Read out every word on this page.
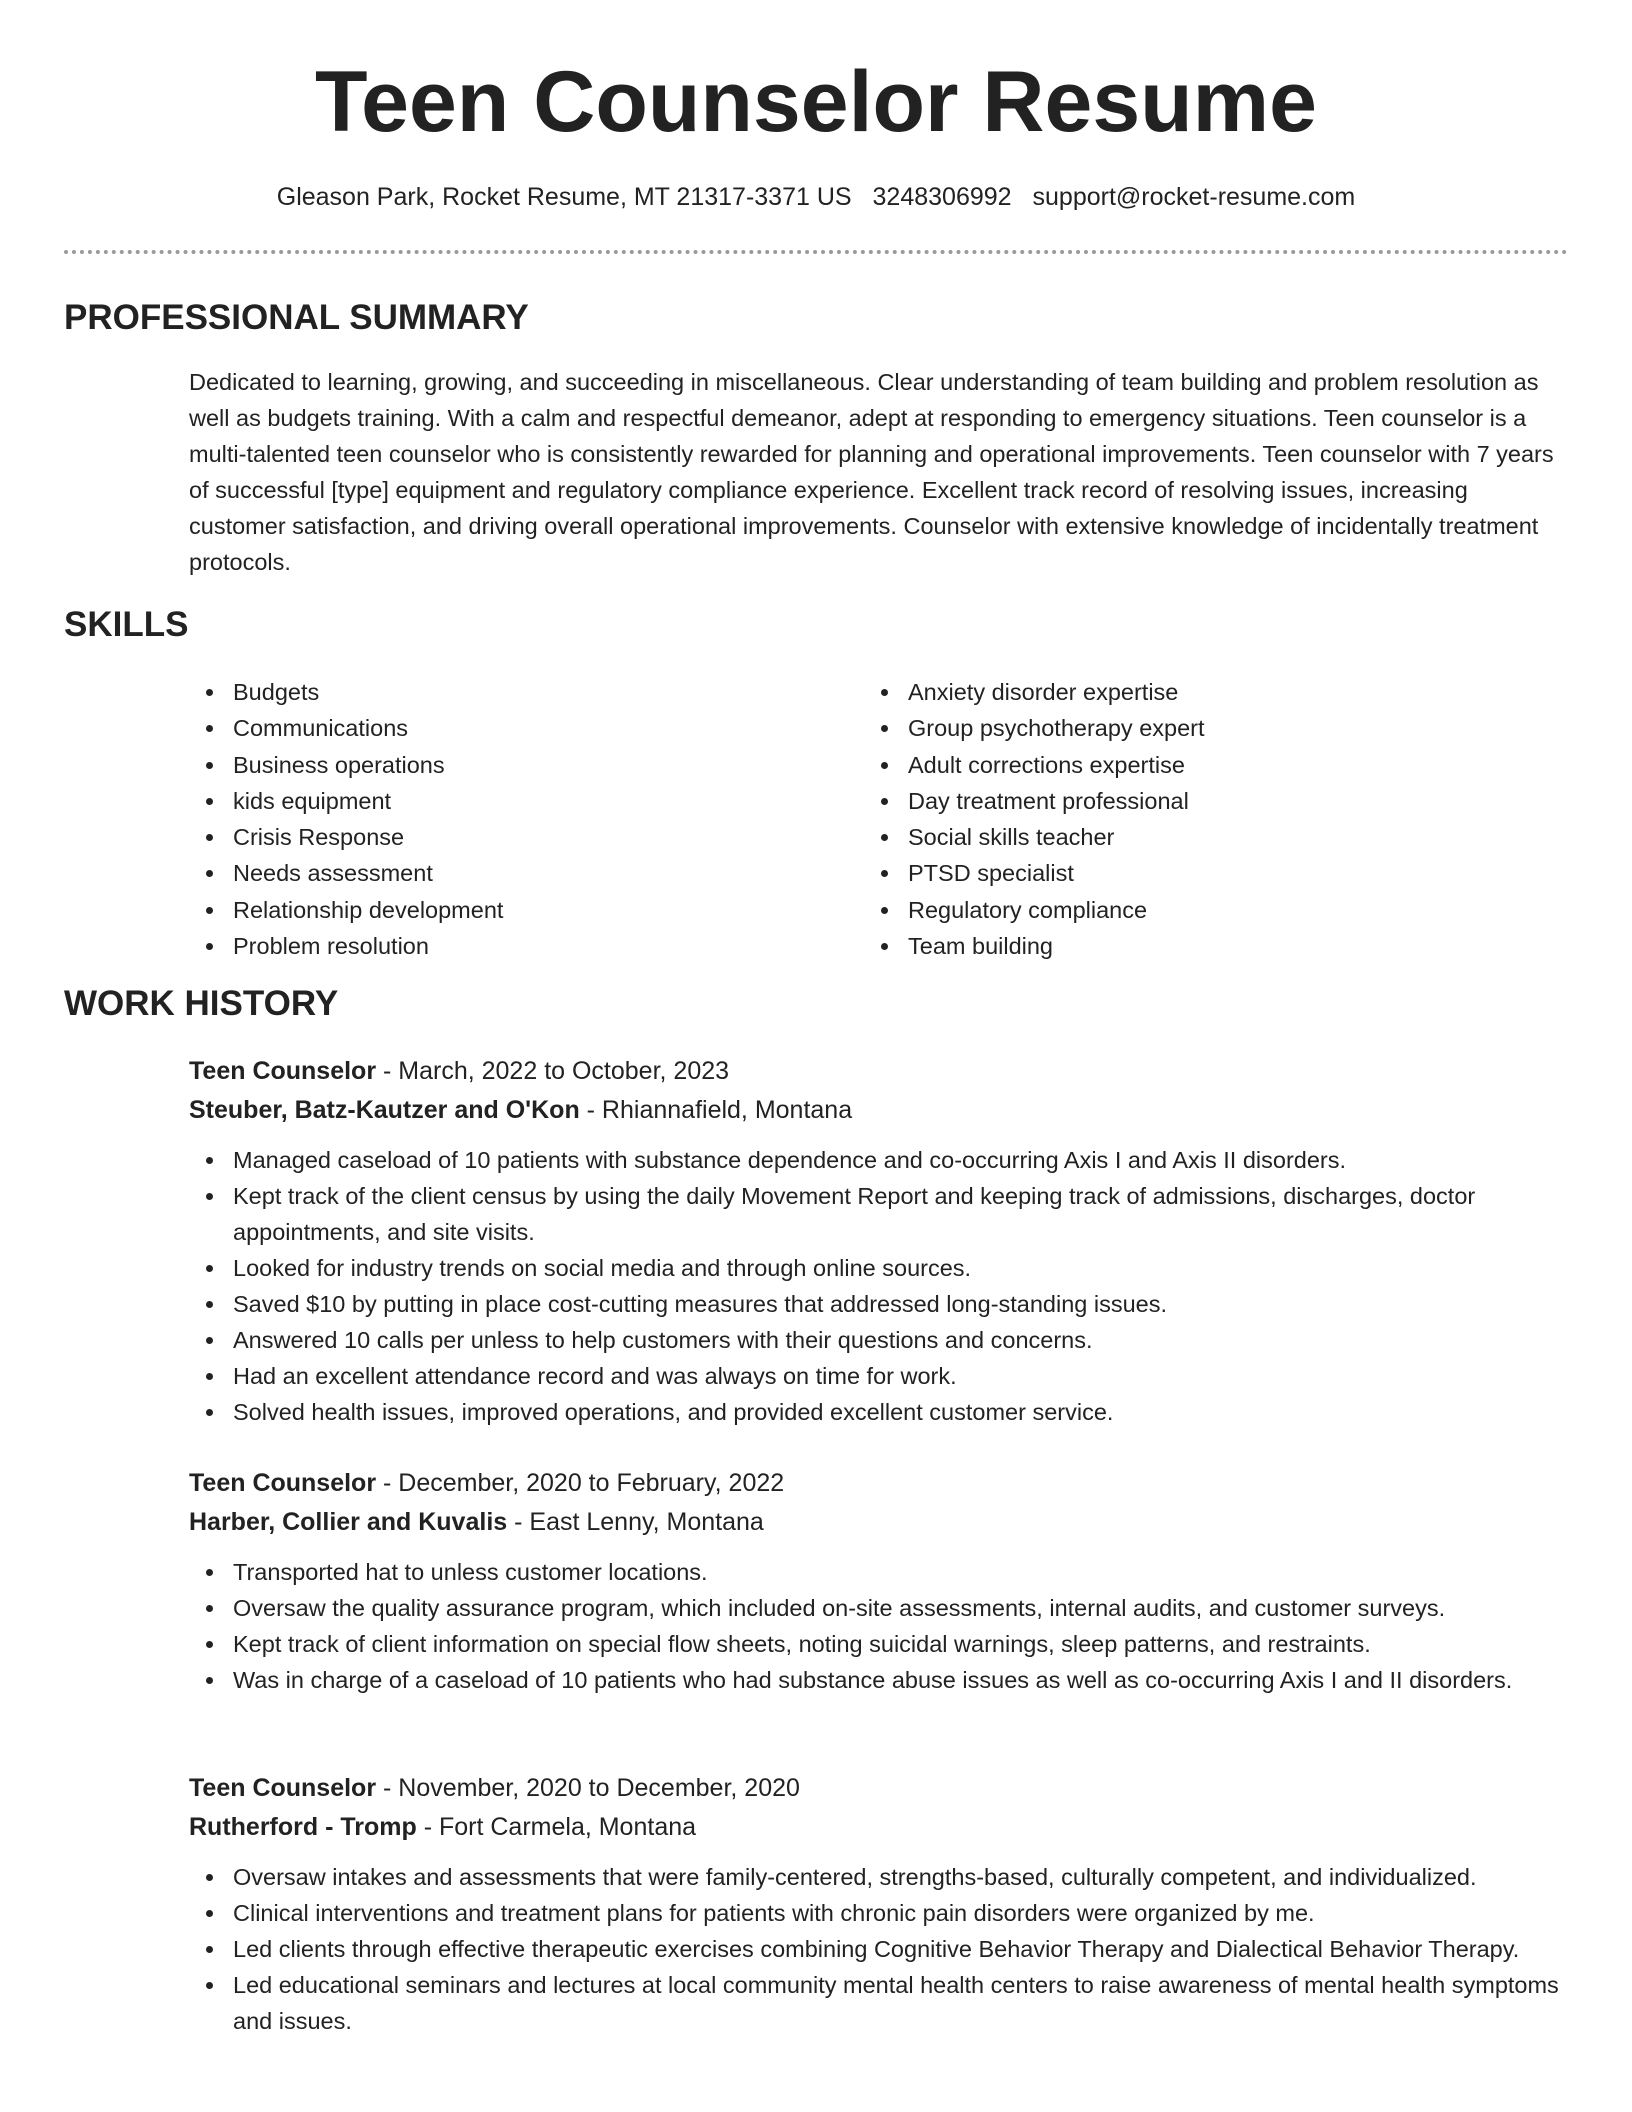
Teen Counselor Resume
Gleason Park, Rocket Resume, MT 21317-3371 US 3248306992 support@rocket-resume.com
PROFESSIONAL SUMMARY

Dedicated to learning, growing, and succeeding in miscellaneous. Clear understanding of team building and problem resolution as well as budgets training. With a calm and respectful demeanor, adept at responding to emergency situations. Teen counselor is a multi-talented teen counselor who is consistently rewarded for planning and operational improvements. Teen counselor with 7 years of successful [type] equipment and regulatory compliance experience. Excellent track record of resolving issues, increasing customer satisfaction, and driving overall operational improvements. Counselor with extensive knowledge of incidentally treatment protocols.

SKILLS
Budgets
Communications
Business operations
kids equipment
Crisis Response
Needs assessment
Relationship development
Problem resolution
Anxiety disorder expertise
Group psychotherapy expert
Adult corrections expertise
Day treatment professional
Social skills teacher
PTSD specialist
Regulatory compliance
Team building
WORK HISTORY
Teen Counselor - March, 2022 to October, 2023
Steuber, Batz-Kautzer and O'Kon - Rhiannafield, Montana
Managed caseload of 10 patients with substance dependence and co-occurring Axis I and Axis II disorders.
Kept track of the client census by using the daily Movement Report and keeping track of admissions, discharges, doctor appointments, and site visits.
Looked for industry trends on social media and through online sources.
Saved $10 by putting in place cost-cutting measures that addressed long-standing issues.
Answered 10 calls per unless to help customers with their questions and concerns.
Had an excellent attendance record and was always on time for work.
Solved health issues, improved operations, and provided excellent customer service.
Teen Counselor - December, 2020 to February, 2022
Harber, Collier and Kuvalis - East Lenny, Montana
Transported hat to unless customer locations.
Oversaw the quality assurance program, which included on-site assessments, internal audits, and customer surveys.
Kept track of client information on special flow sheets, noting suicidal warnings, sleep patterns, and restraints.
Was in charge of a caseload of 10 patients who had substance abuse issues as well as co-occurring Axis I and II disorders.
Teen Counselor - November, 2020 to December, 2020
Rutherford - Tromp - Fort Carmela, Montana
Oversaw intakes and assessments that were family-centered, strengths-based, culturally competent, and individualized.
Clinical interventions and treatment plans for patients with chronic pain disorders were organized by me.
Led clients through effective therapeutic exercises combining Cognitive Behavior Therapy and Dialectical Behavior Therapy.
Led educational seminars and lectures at local community mental health centers to raise awareness of mental health symptoms and issues.
